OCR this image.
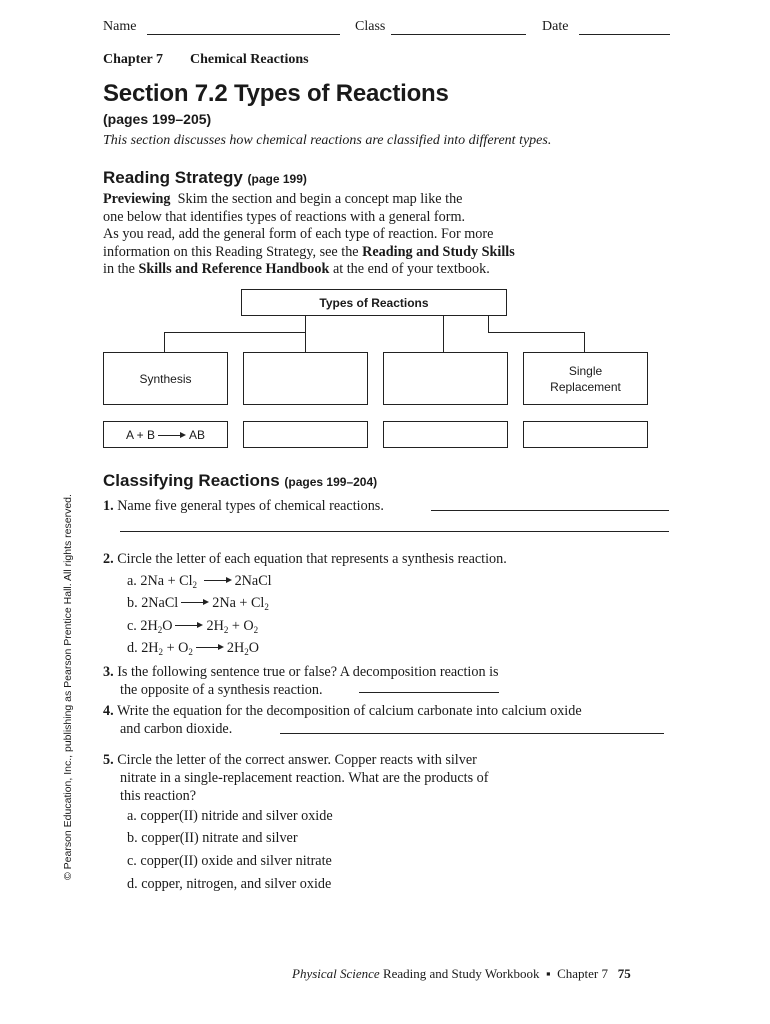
Name	Class	Date
Chapter 7 Chemical Reactions
Section 7.2 Types of Reactions
(pages 199–205)
This section discusses how chemical reactions are classified into different types.
Reading Strategy (page 199)
Previewing Skim the section and begin a concept map like the
one below that identifies types of reactions with a general form.
As you read, add the general form of each type of reaction. For more
information on this Reading Strategy, see the Reading and Study Skills
in the Skills and Reference Handbook at the end of your textbook.
Types of Reactions
Synthesis
Single Replacement
A + B	AB
Classifying Reactions (pages 199–204)
1. Name five general types of chemical reactions.
2. Circle the letter of each equation that represents a synthesis reaction.
a. $2Na + Cl_2$	2NaCl
b. 2NaCl $2Na + Cl_2$
c. $2H_2O$ $2H_2 + O_2$
d. $2H_2 + O_2$ $2H_2O$
3. Is the following sentence true or false? A decomposition reaction is
the opposite of a synthesis reaction.
4. Write the equation for the decomposition of calcium carbonate into calcium oxide
and carbon dioxide.
5. Circle the letter of the correct answer. Copper reacts with silver
nitrate in a single-replacement reaction. What are the products of
this reaction?
a. copper(II) nitride and silver oxide
b. copper(II) nitrate and silver
c. copper(II) oxide and silver nitrate
d. copper, nitrogen, and silver oxide
© Pearson Education, Inc., publishing as Pearson Prentice Hall. All rights reserved.
Physical Science Reading and Study Workbook ▪ Chapter 7 75
